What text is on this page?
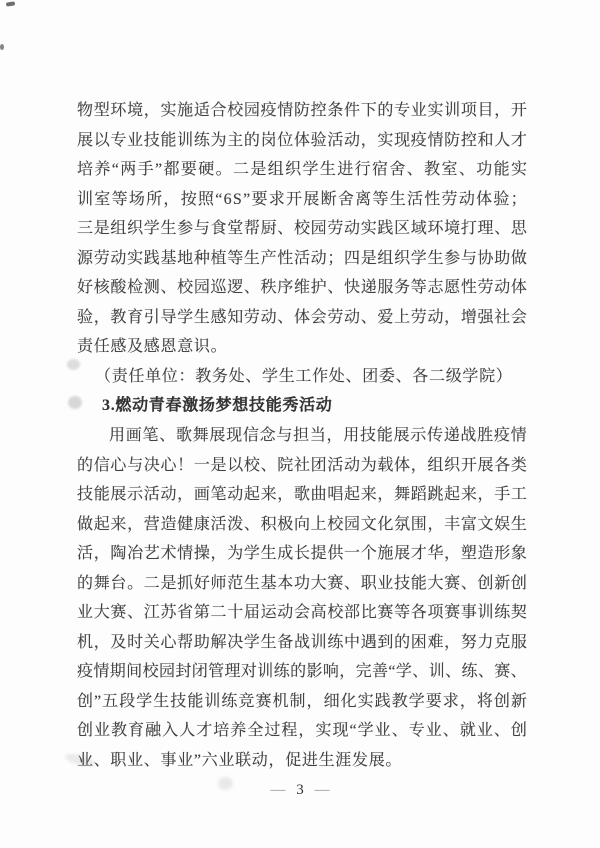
物 型 环 境 ， 实 施 适 合 校 园 疫 情 防 控 条 件 下 的 专 业 实 训 项 目 ， 开
展 以 专 业 技 能 训 练 为 主 的 岗 位 体 验 活 动 ， 实 现 疫 情 防 控 和 人 才
培 养 “ 两 手 ” 都 要 硬 。 二 是 组 织 学 生 进 行 宿 舍 、 教 室 、 功 能 实
训 室 等 场 所 ， 按 照 “ 6 S ” 要 求 开 展 断 舍 离 等 生 活 性 劳 动 体 验 ；
三 是 组 织 学 生 参 与 食 堂 帮 厨 、 校 园 劳 动 实 践 区 域 环 境 打 理 、 思
源 劳 动 实 践 基 地 种 植 等 生 产 性 活 动 ； 四 是 组 织 学 生 参 与 协 助 做
好 核 酸 检 测 、 校 园 巡 逻 、 秩 序 维 护 、 快 递 服 务 等 志 愿 性 劳 动 体
验 ， 教 育 引 导 学 生 感 知 劳 动 、 体 会 劳 动 、 爱 上 劳 动 ， 增 强 社 会
责任感及感恩意识。
（责任单位：教务处、学生工作处、团委、各二级学院）
3.燃动青春激扬梦想技能秀活动
用 画 笔 、 歌 舞 展 现 信 念 与 担 当 ， 用 技 能 展 示 传 递 战 胜 疫 情
的 信 心 与 决 心 ！ 一 是 以 校 、 院 社 团 活 动 为 载 体 ， 组 织 开 展 各 类
技 能 展 示 活 动 ， 画 笔 动 起 来 ， 歌 曲 唱 起 来 ， 舞 蹈 跳 起 来 ， 手 工
做 起 来 ， 营 造 健 康 活 泼 、 积 极 向 上 校 园 文 化 氛 围 ， 丰 富 文 娱 生
活 ， 陶 冶 艺 术 情 操 ， 为 学 生 成 长 提 供 一 个 施 展 才 华 ， 塑 造 形 象
的 舞 台 。 二 是 抓 好 师 范 生 基 本 功 大 赛 、 职 业 技 能 大 赛 、 创 新 创
业 大 赛 、 江 苏 省 第 二 十 届 运 动 会 高 校 部 比 赛 等 各 项 赛 事 训 练 契
机 ， 及 时 关 心 帮 助 解 决 学 生 备 战 训 练 中 遇 到 的 困 难 ， 努 力 克 服
疫 情 期 间 校 园 封 闭 管 理 对 训 练 的 影 响 ， 完 善 “ 学 、 训 、 练 、 赛 、
创 ” 五 段 学 生 技 能 训 练 竞 赛 机 制 ， 细 化 实 践 教 学 要 求 ， 将 创 新
创 业 教 育 融 入 人 才 培 养 全 过 程 ， 实 现 “ 学 业 、 专 业 、 就 业 、 创
业、职业、事业”六业联动，促进生涯发展。
— 3 —
